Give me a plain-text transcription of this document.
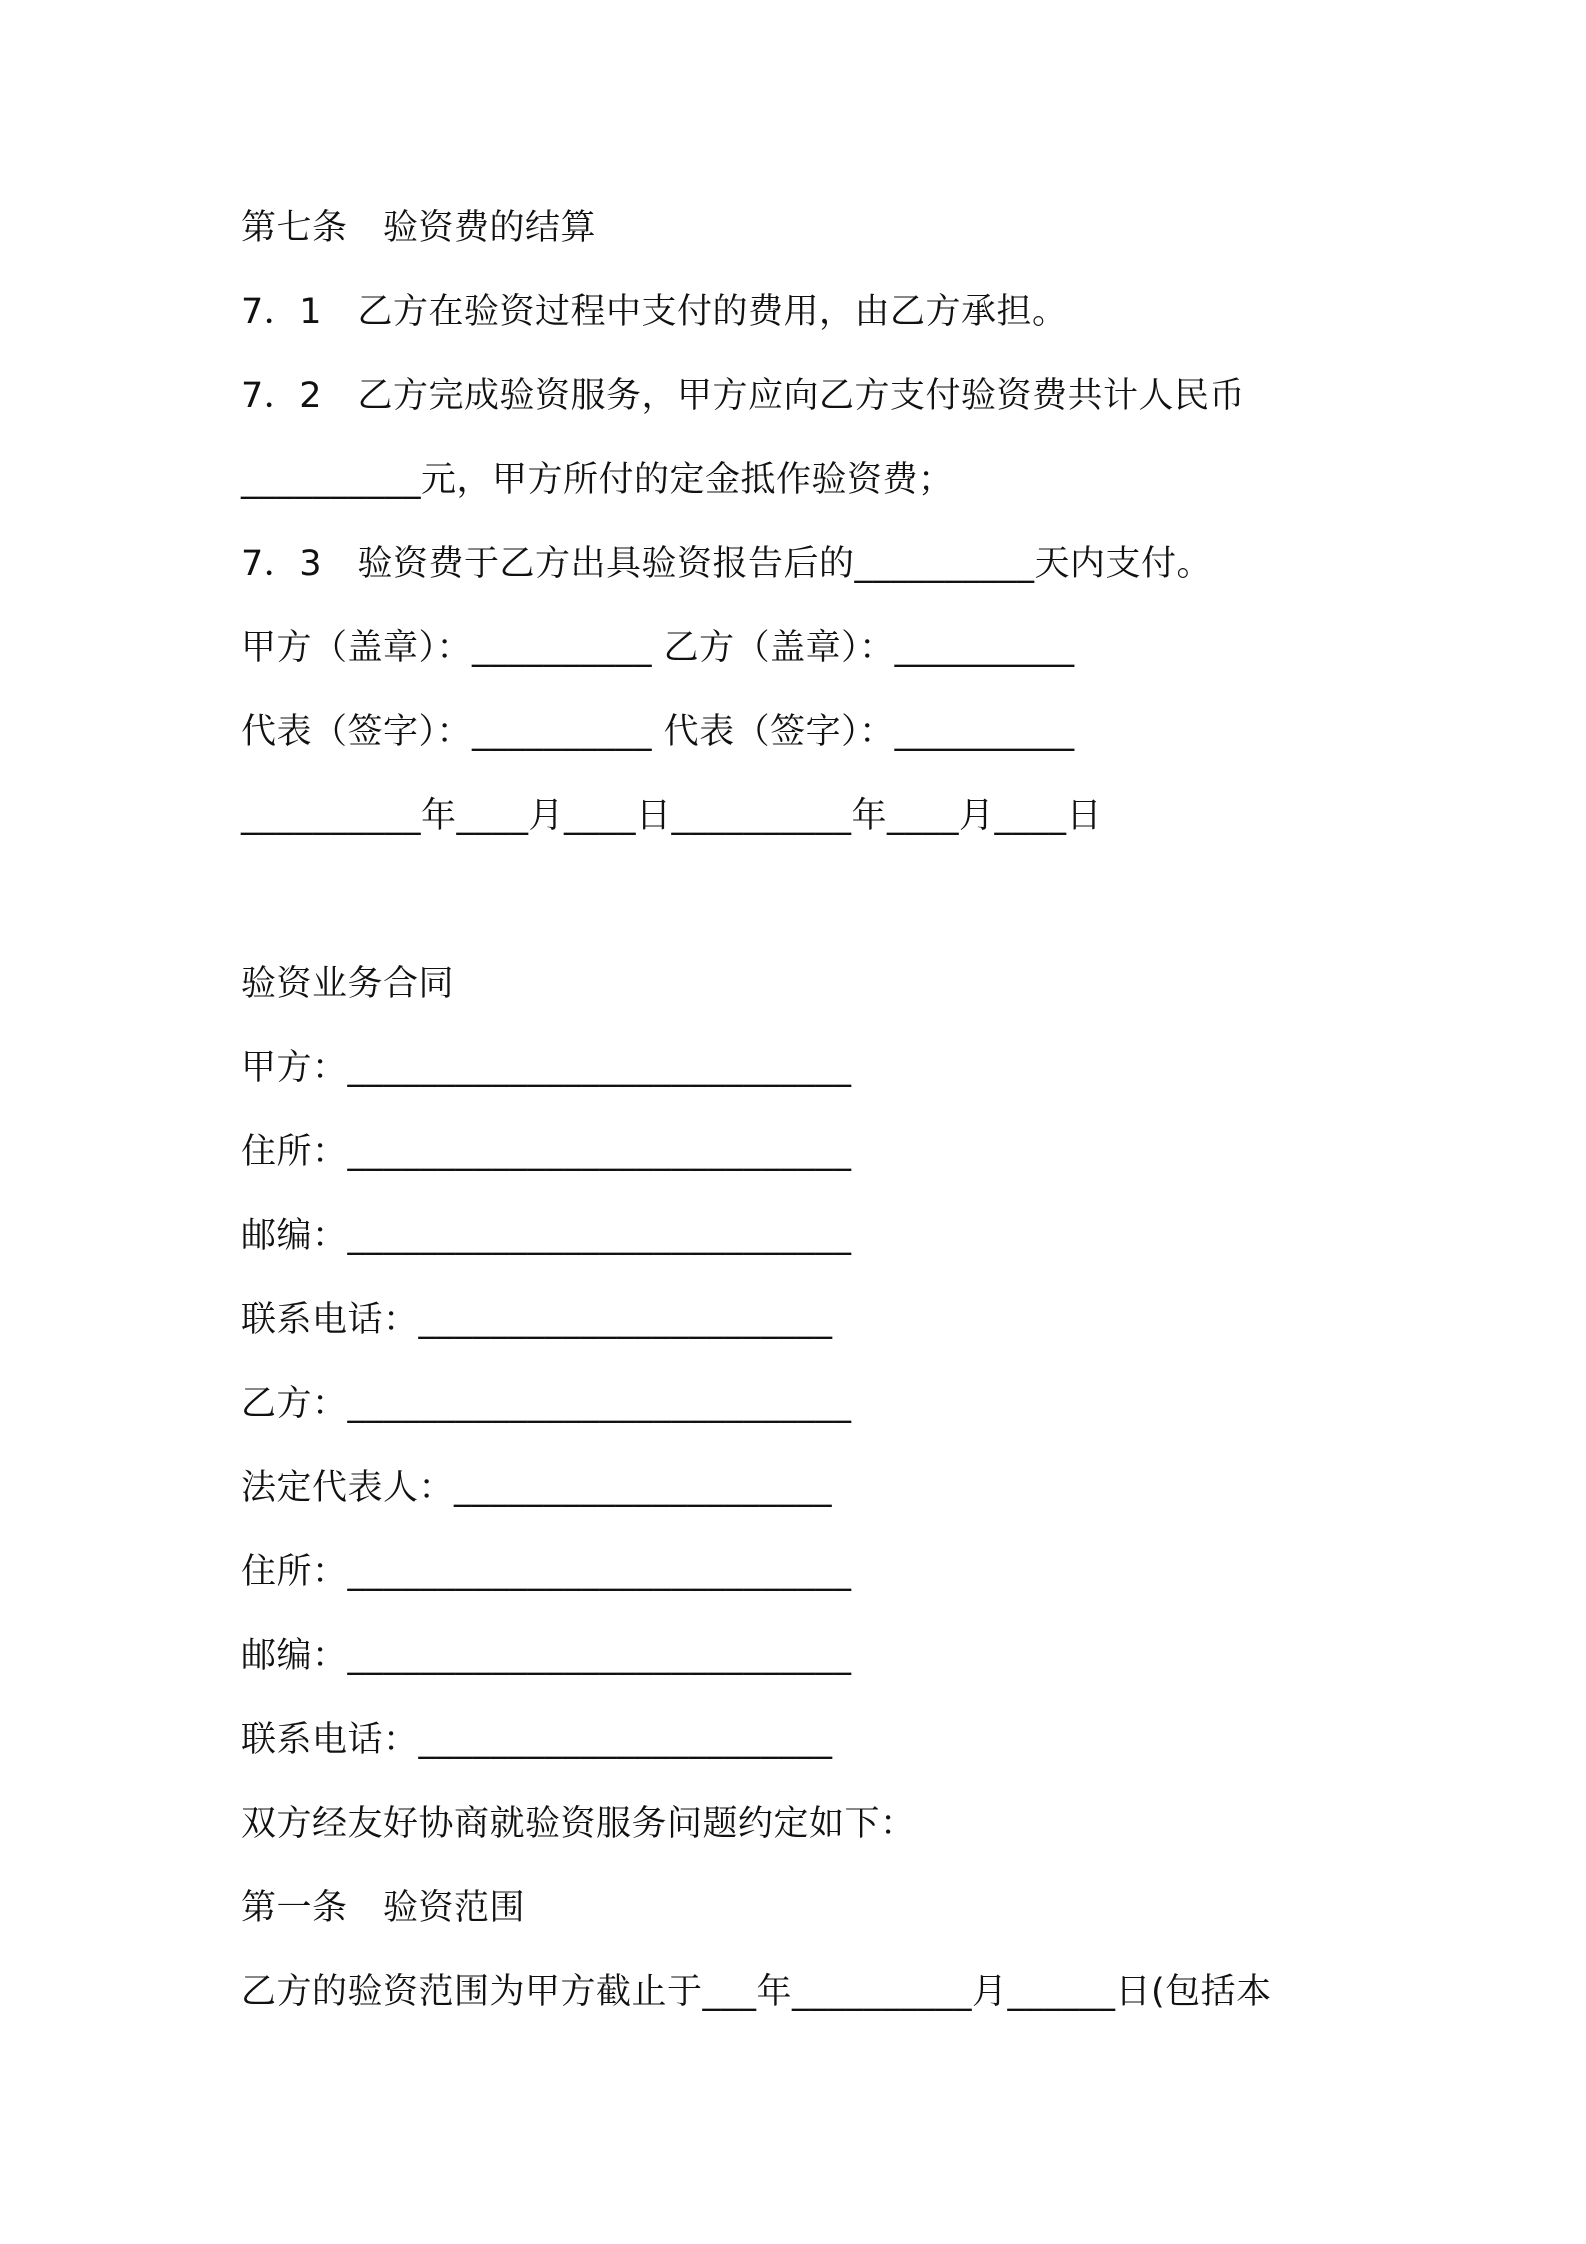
第七条　验资费的结算
7．1　乙方在验资过程中支付的费用，由乙方承担。
7．2　乙方完成验资服务，甲方应向乙方支付验资费共计人民币
__________元，甲方所付的定金抵作验资费；
7．3　验资费于乙方出具验资报告后的__________天内支付。
甲方（盖章）：__________ 乙方（盖章）：__________
代表（签字）：__________ 代表（签字）：__________
__________年____月____日__________年____月____日
验资业务合同
甲方：____________________________
住所：____________________________
邮编：____________________________
联系电话：_______________________
乙方：____________________________
法定代表人：_____________________
住所：____________________________
邮编：____________________________
联系电话：_______________________
双方经友好协商就验资服务问题约定如下：
第一条　验资范围
乙方的验资范围为甲方截止于___年__________月______日(包括本
